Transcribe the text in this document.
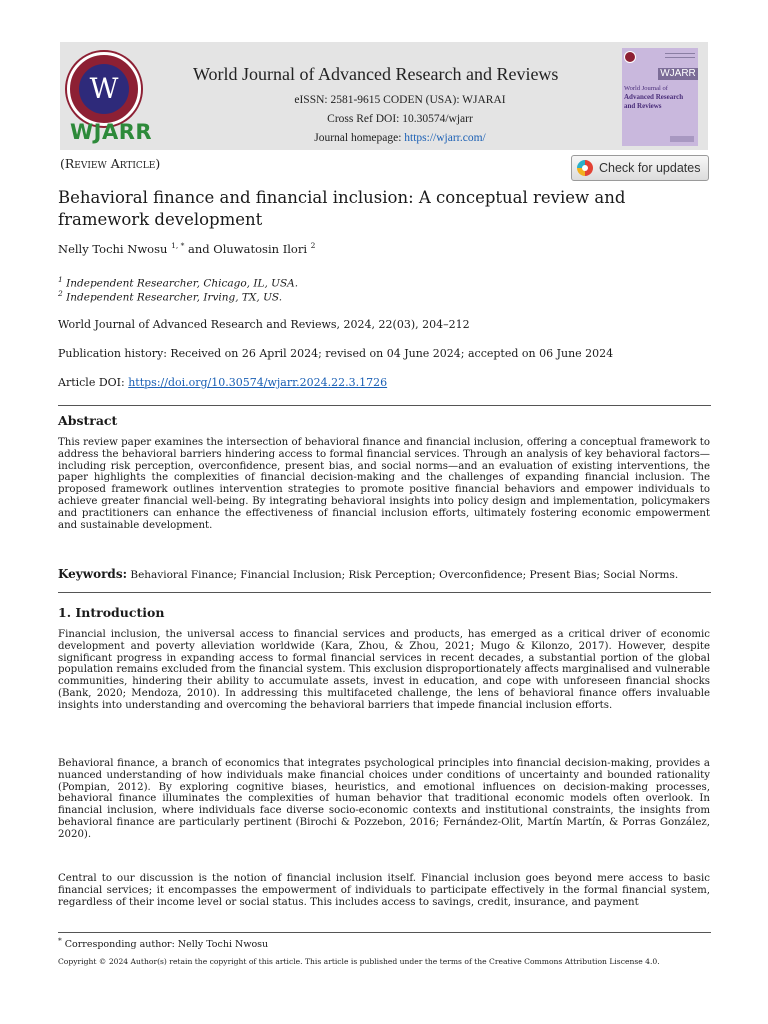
W
WJARR
World Journal of Advanced Research and Reviews
eISSN: 2581-9615 CODEN (USA): WJARAI
Cross Ref DOI: 10.30574/wjarr
Journal homepage: https://wjarr.com/
WJARR
World Journal of
Advanced Research and Reviews
(Review Article)	Check for updates
Behavioral finance and financial inclusion: A conceptual review and framework development
Nelly Tochi Nwosu $^{1, *}$ and Oluwatosin Ilori $^2$
$^1$ Independent Researcher, Chicago, IL, USA.
$^2$ Independent Researcher, Irving, TX, US.
World Journal of Advanced Research and Reviews, 2024, 22(03), 204–212
Publication history: Received on 26 April 2024; revised on 04 June 2024; accepted on 06 June 2024
Article DOI: https://doi.org/10.30574/wjarr.2024.22.3.1726
Abstract
This review paper examines the intersection of behavioral finance and financial inclusion, offering a conceptual framework to address the behavioral barriers hindering access to formal financial services. Through an analysis of key behavioral factors—including risk perception, overconfidence, present bias, and social norms—and an evaluation of existing interventions, the paper highlights the complexities of financial decision-making and the challenges of expanding financial inclusion. The proposed framework outlines intervention strategies to promote positive financial behaviors and empower individuals to achieve greater financial well-being. By integrating behavioral insights into policy design and implementation, policymakers and practitioners can enhance the effectiveness of financial inclusion efforts, ultimately fostering economic empowerment and sustainable development.
Keywords: Behavioral Finance; Financial Inclusion; Risk Perception; Overconfidence; Present Bias; Social Norms.
1. Introduction
Financial inclusion, the universal access to financial services and products, has emerged as a critical driver of economic development and poverty alleviation worldwide (Kara, Zhou, & Zhou, 2021; Mugo & Kilonzo, 2017). However, despite significant progress in expanding access to formal financial services in recent decades, a substantial portion of the global population remains excluded from the financial system. This exclusion disproportionately affects marginalised and vulnerable communities, hindering their ability to accumulate assets, invest in education, and cope with unforeseen financial shocks (Bank, 2020; Mendoza, 2010). In addressing this multifaceted challenge, the lens of behavioral finance offers invaluable insights into understanding and overcoming the behavioral barriers that impede financial inclusion efforts.
Behavioral finance, a branch of economics that integrates psychological principles into financial decision-making, provides a nuanced understanding of how individuals make financial choices under conditions of uncertainty and bounded rationality (Pompian, 2012). By exploring cognitive biases, heuristics, and emotional influences on decision-making processes, behavioral finance illuminates the complexities of human behavior that traditional economic models often overlook. In financial inclusion, where individuals face diverse socio-economic contexts and institutional constraints, the insights from behavioral finance are particularly pertinent (Birochi & Pozzebon, 2016; Fernández-Olit, Martín Martín, & Porras González, 2020).
Central to our discussion is the notion of financial inclusion itself. Financial inclusion goes beyond mere access to basic financial services; it encompasses the empowerment of individuals to participate effectively in the formal financial system, regardless of their income level or social status. This includes access to savings, credit, insurance, and payment
* Corresponding author: Nelly Tochi Nwosu
Copyright © 2024 Author(s) retain the copyright of this article. This article is published under the terms of the Creative Commons Attribution Liscense 4.0.
